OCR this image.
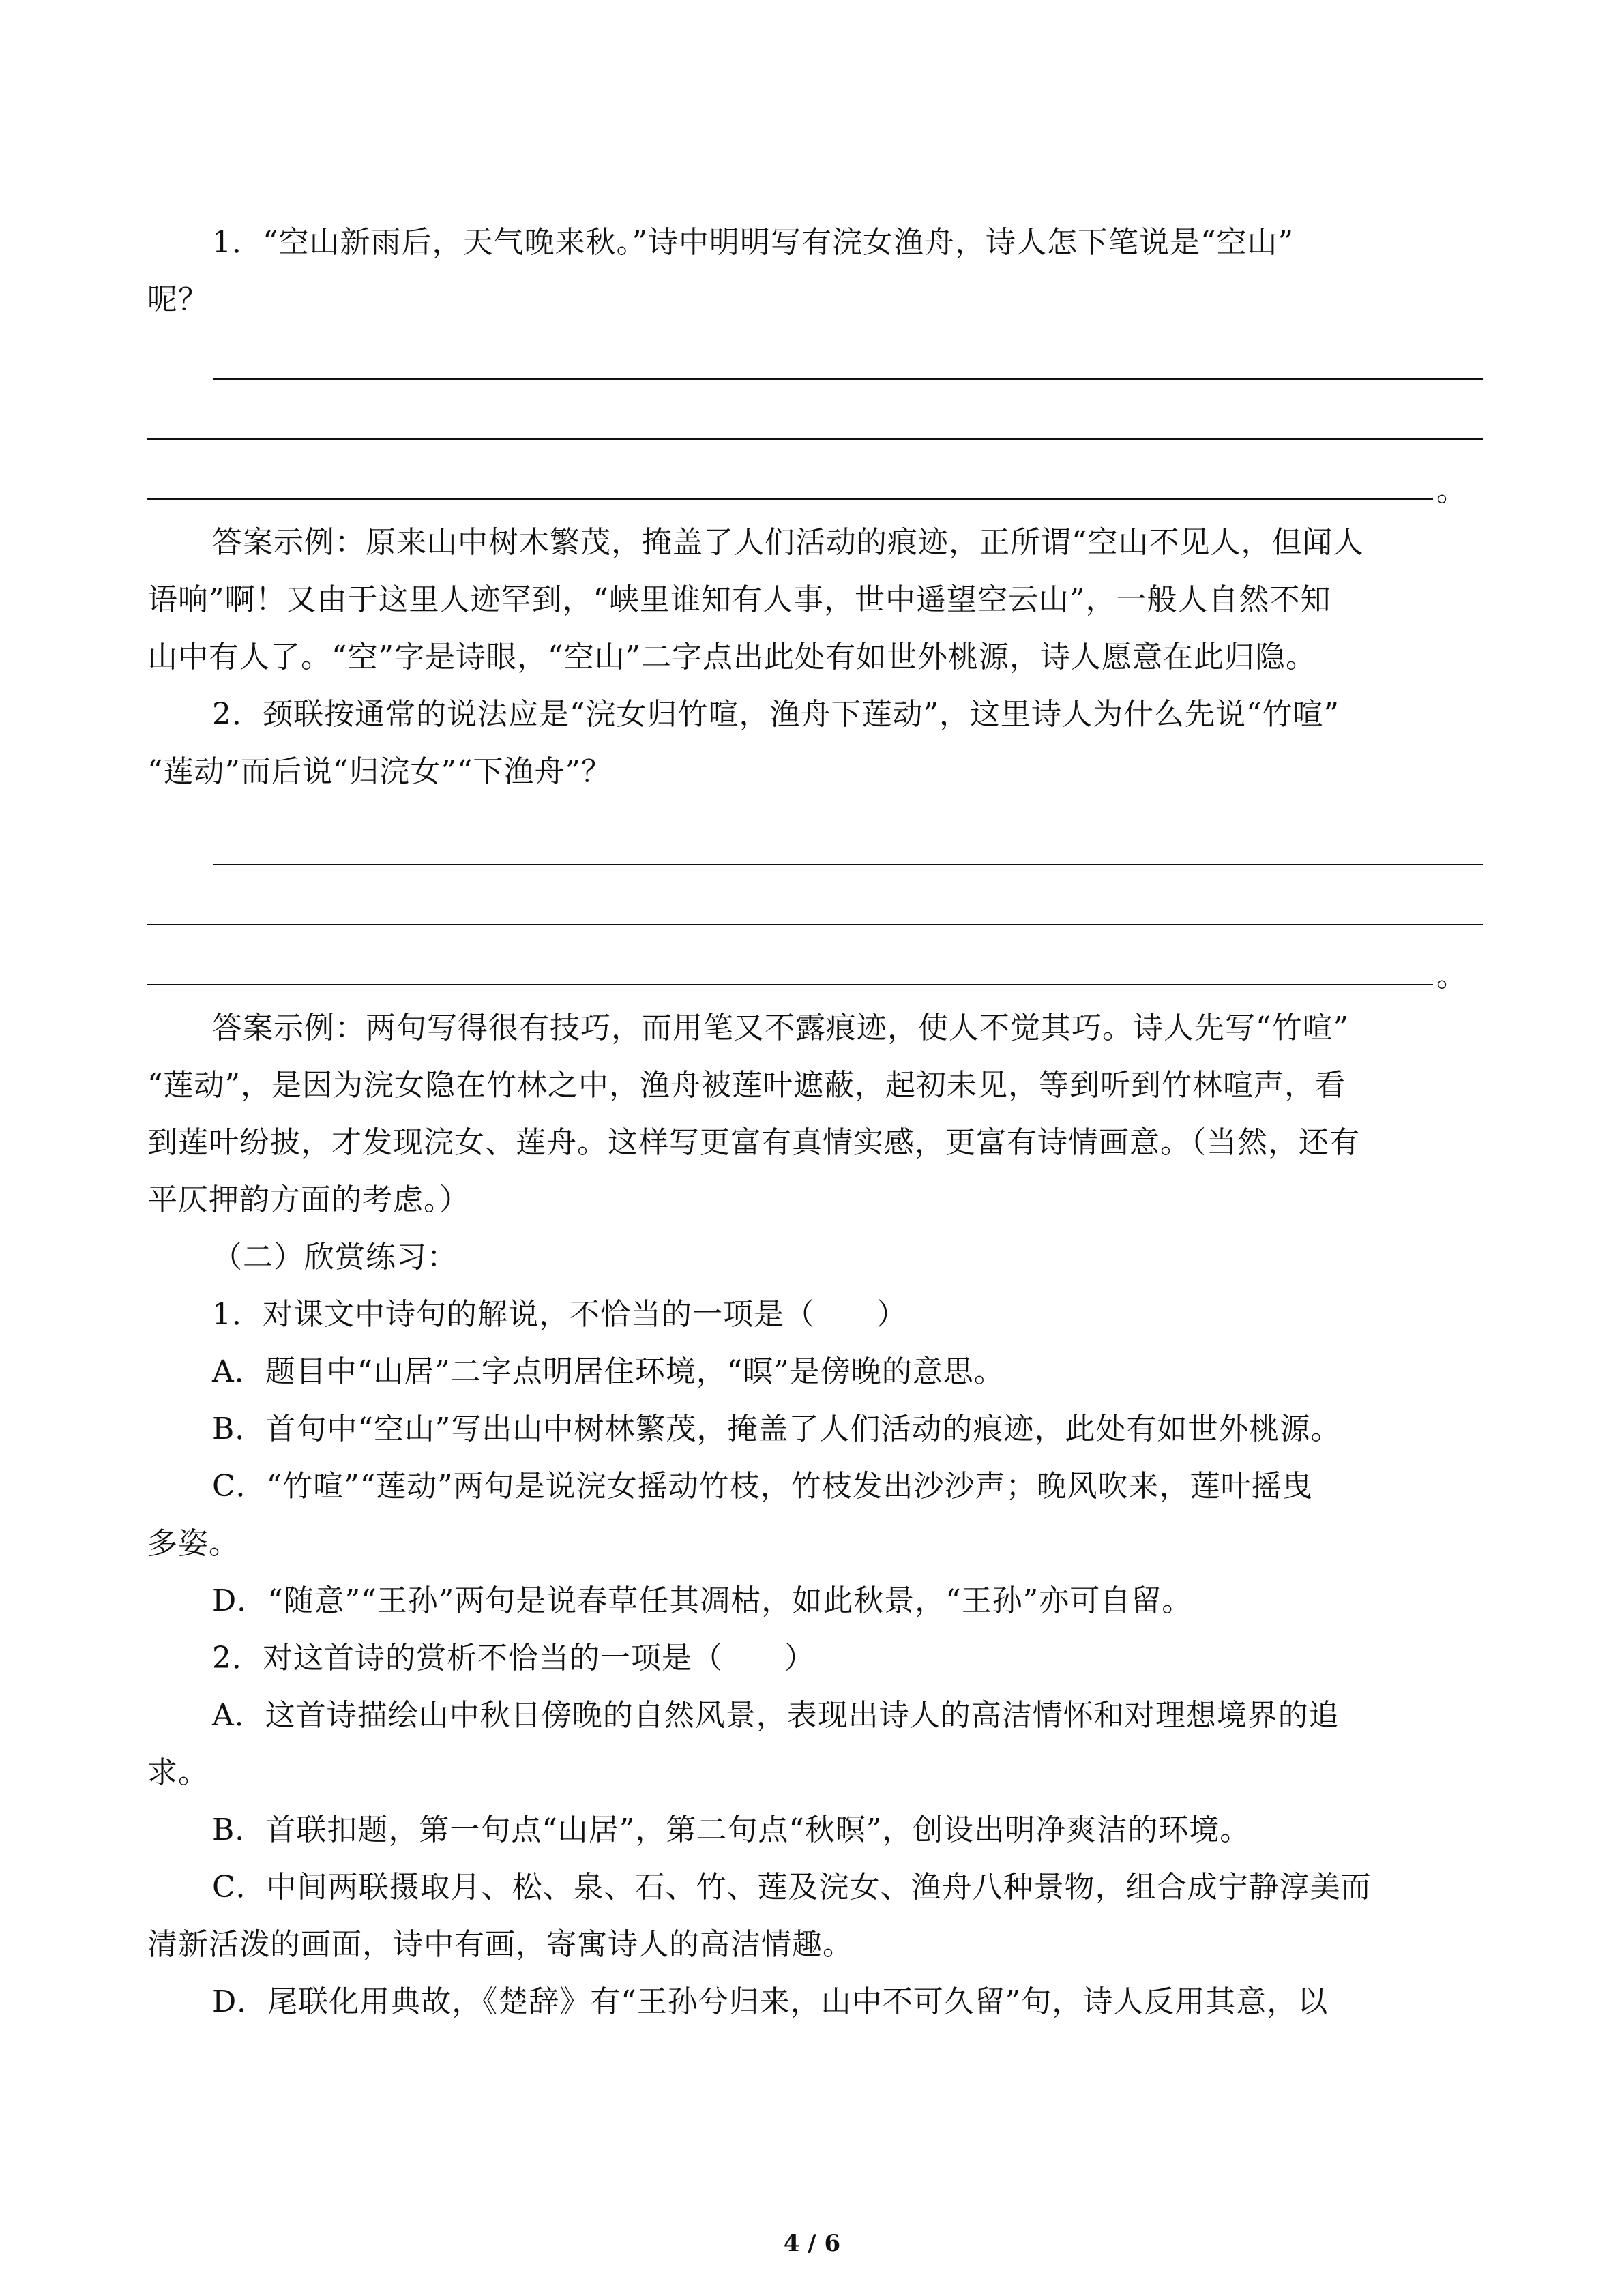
1．“空山新雨后，天气晚来秋。”诗中明明写有浣女渔舟，诗人怎下笔说是“空山”
呢？
。
答案示例：原来山中树木繁茂，掩盖了人们活动的痕迹，正所谓“空山不见人，但闻人
语响”啊！又由于这里人迹罕到，“峡里谁知有人事，世中遥望空云山”，一般人自然不知
山中有人了。“空”字是诗眼，“空山”二字点出此处有如世外桃源，诗人愿意在此归隐。
2．颈联按通常的说法应是“浣女归竹喧，渔舟下莲动”，这里诗人为什么先说“竹喧”
“莲动”而后说“归浣女”“下渔舟”？
。
答案示例：两句写得很有技巧，而用笔又不露痕迹，使人不觉其巧。诗人先写“竹喧”
“莲动”，是因为浣女隐在竹林之中，渔舟被莲叶遮蔽，起初未见，等到听到竹林喧声，看
到莲叶纷披，才发现浣女、莲舟。这样写更富有真情实感，更富有诗情画意。（当然，还有
平仄押韵方面的考虑。）
（二）欣赏练习：
1．对课文中诗句的解说，不恰当的一项是（　　）
A．题目中“山居”二字点明居住环境，“暝”是傍晚的意思。
B．首句中“空山”写出山中树林繁茂，掩盖了人们活动的痕迹，此处有如世外桃源。
C．“竹喧”“莲动”两句是说浣女摇动竹枝，竹枝发出沙沙声；晚风吹来，莲叶摇曳
多姿。
D．“随意”“王孙”两句是说春草任其凋枯，如此秋景，“王孙”亦可自留。
2．对这首诗的赏析不恰当的一项是（　　）
A．这首诗描绘山中秋日傍晚的自然风景，表现出诗人的高洁情怀和对理想境界的追
求。
B．首联扣题，第一句点“山居”，第二句点“秋暝”，创设出明净爽洁的环境。
C．中间两联摄取月、松、泉、石、竹、莲及浣女、渔舟八种景物，组合成宁静淳美而
清新活泼的画面，诗中有画，寄寓诗人的高洁情趣。
D．尾联化用典故，《楚辞》有“王孙兮归来，山中不可久留”句，诗人反用其意，以
4 / 6
